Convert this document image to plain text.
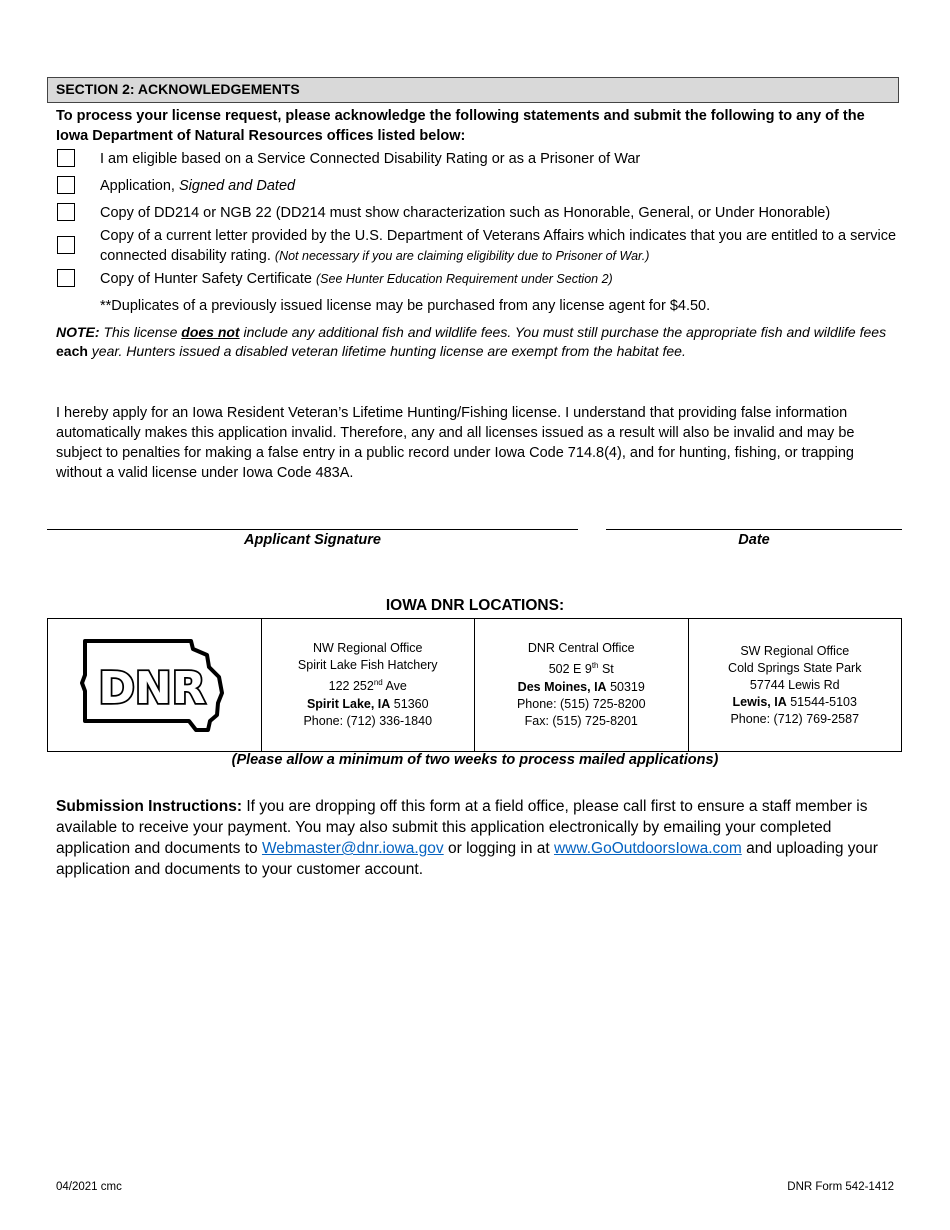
SECTION 2: ACKNOWLEDGEMENTS
To process your license request, please acknowledge the following statements and submit the following to any of the Iowa Department of Natural Resources offices listed below:
I am eligible based on a Service Connected Disability Rating or as a Prisoner of War
Application, Signed and Dated
Copy of DD214 or NGB 22 (DD214 must show characterization such as Honorable, General, or Under Honorable)
Copy of a current letter provided by the U.S. Department of Veterans Affairs which indicates that you are entitled to a service connected disability rating. (Not necessary if you are claiming eligibility due to Prisoner of War.)
Copy of Hunter Safety Certificate (See Hunter Education Requirement under Section 2)
**Duplicates of a previously issued license may be purchased from any license agent for $4.50.
NOTE: This license does not include any additional fish and wildlife fees. You must still purchase the appropriate fish and wildlife fees each year. Hunters issued a disabled veteran lifetime hunting license are exempt from the habitat fee.
I hereby apply for an Iowa Resident Veteran’s Lifetime Hunting/Fishing license. I understand that providing false information automatically makes this application invalid. Therefore, any and all licenses issued as a result will also be invalid and may be subject to penalties for making a false entry in a public record under Iowa Code 714.8(4), and for hunting, fishing, or trapping without a valid license under Iowa Code 483A.
Applicant Signature	Date
IOWA DNR LOCATIONS:
DNR
NW Regional Office
Spirit Lake Fish Hatchery
122 252nd Ave
Spirit Lake, IA 51360
Phone: (712) 336-1840
DNR Central Office
502 E 9th St
Des Moines, IA 50319
Phone: (515) 725-8200
Fax: (515) 725-8201
SW Regional Office
Cold Springs State Park
57744 Lewis Rd
Lewis, IA 51544-5103
Phone: (712) 769-2587
(Please allow a minimum of two weeks to process mailed applications)
Submission Instructions: If you are dropping off this form at a field office, please call first to ensure a staff member is available to receive your payment. You may also submit this application electronically by emailing your completed application and documents to Webmaster@dnr.iowa.gov or logging in at www.GoOutdoorsIowa.com and uploading your application and documents to your customer account.
04/2021 cmc	DNR Form 542-1412
